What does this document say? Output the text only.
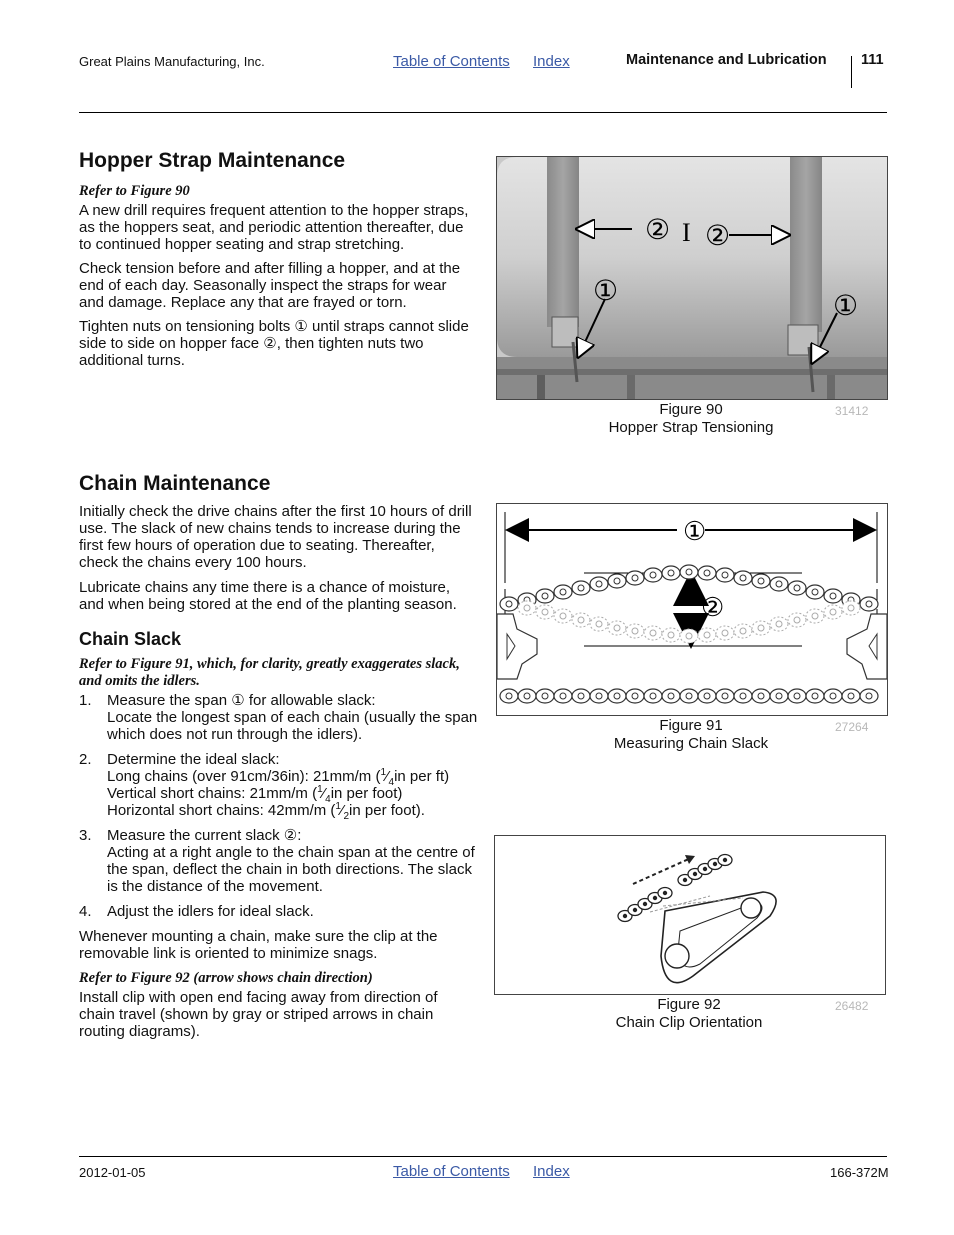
Great Plains Manufacturing, Inc.	Table of Contents Index	Maintenance and Lubrication 111
Hopper Strap Maintenance
Refer to Figure 90

A new drill requires frequent attention to the hopper straps, as the hoppers seat, and periodic attention thereafter, due to continued hopper seating and strap stretching.

Check tension before and after filling a hopper, and at the end of each day. Seasonally inspect the straps for wear and damage. Replace any that are frayed or torn.

Tighten nuts on tensioning bolts ① until straps cannot slide side to side on hopper face ②, then tighten nuts two additional turns.

② I ②
①	①
Figure 90
Hopper Strap Tensioning
31412
Chain Maintenance

Initially check the drive chains after the first 10 hours of drill use. The slack of new chains tends to increase during the first few hours of operation due to seating. Thereafter, check the chains every 100 hours.

Lubricate chains any time there is a chance of moisture, and when being stored at the end of the planting season.

Chain Slack
Refer to Figure 91, which, for clarity, greatly exaggerates slack, and omits the idlers.
1. Measure the span ① for allowable slack:
Locate the longest span of each chain (usually the span which does not run through the idlers).
2. Determine the ideal slack:
Long chains (over 91cm/36in): 21mm/m ($^1⁄_4in$ per ft)
Vertical short chains: 21mm/m ($^1⁄_4in$ per foot)
Horizontal short chains: 42mm/m ($^1⁄_2in$ per foot).
3. Measure the current slack ②:
Acting at a right angle to the chain span at the centre of the span, deflect the chain in both directions. The slack is the distance of the movement.
4. Adjust the idlers for ideal slack.

Whenever mounting a chain, make sure the clip at the removable link is oriented to minimize snags.

Refer to Figure 92 (arrow shows chain direction)

Install clip with open end facing away from direction of chain travel (shown by gray or striped arrows in chain routing diagrams).

①
②
Figure 91
Measuring Chain Slack
27264
Figure 92
Chain Clip Orientation
26482
2012-01-05	Table of Contents Index	166-372M
